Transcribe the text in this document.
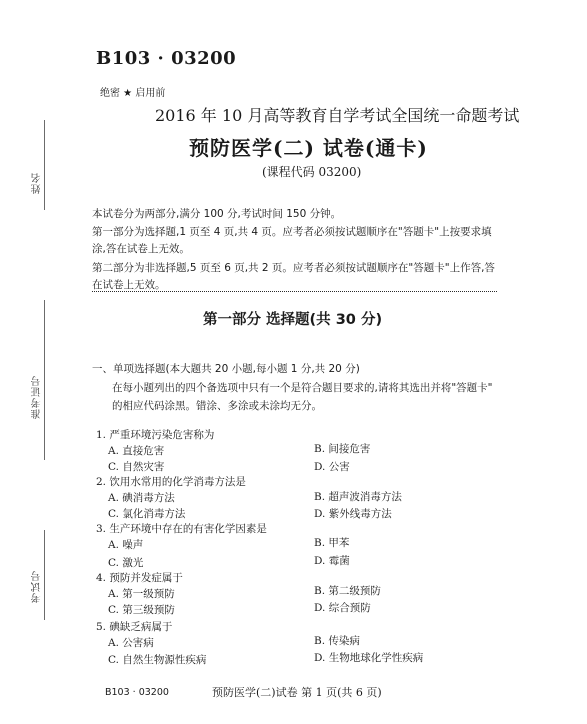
姓名
准考证号
考试号
B103 · 03200
绝密 ★ 启用前
2016 年 10 月高等教育自学考试全国统一命题考试
预防医学(二) 试卷(通卡)
(课程代码 03200)
本试卷分为两部分,满分 100 分,考试时间 150 分钟。
第一部分为选择题,1 页至 4 页,共 4 页。应考者必须按试题顺序在"答题卡"上按要求填
涂,答在试卷上无效。
第二部分为非选择题,5 页至 6 页,共 2 页。应考者必须按试题顺序在"答题卡"上作答,答
在试卷上无效。
第一部分 选择题(共 30 分)
一、单项选择题(本大题共 20 小题,每小题 1 分,共 20 分)
在每小题列出的四个备选项中只有一个是符合题目要求的,请将其选出并将"答题卡"
的相应代码涂黑。错涂、多涂或未涂均无分。
1. 严重环境污染危害称为
A. 直接危害	B. 间接危害
C. 自然灾害	D. 公害
2. 饮用水常用的化学消毒方法是
A. 碘消毒方法	B. 超声波消毒方法
C. 氯化消毒方法	D. 紫外线毒方法
3. 生产环境中存在的有害化学因素是
A. 噪声	B. 甲苯
C. 激光	D. 霉菌
4. 预防并发症属于
A. 第一级预防	B. 第二级预防
C. 第三级预防	D. 综合预防
5. 碘缺乏病属于
A. 公害病	B. 传染病
C. 自然生物源性疾病	D. 生物地球化学性疾病
B103 · 03200	预防医学(二)试卷 第 1 页(共 6 页)
